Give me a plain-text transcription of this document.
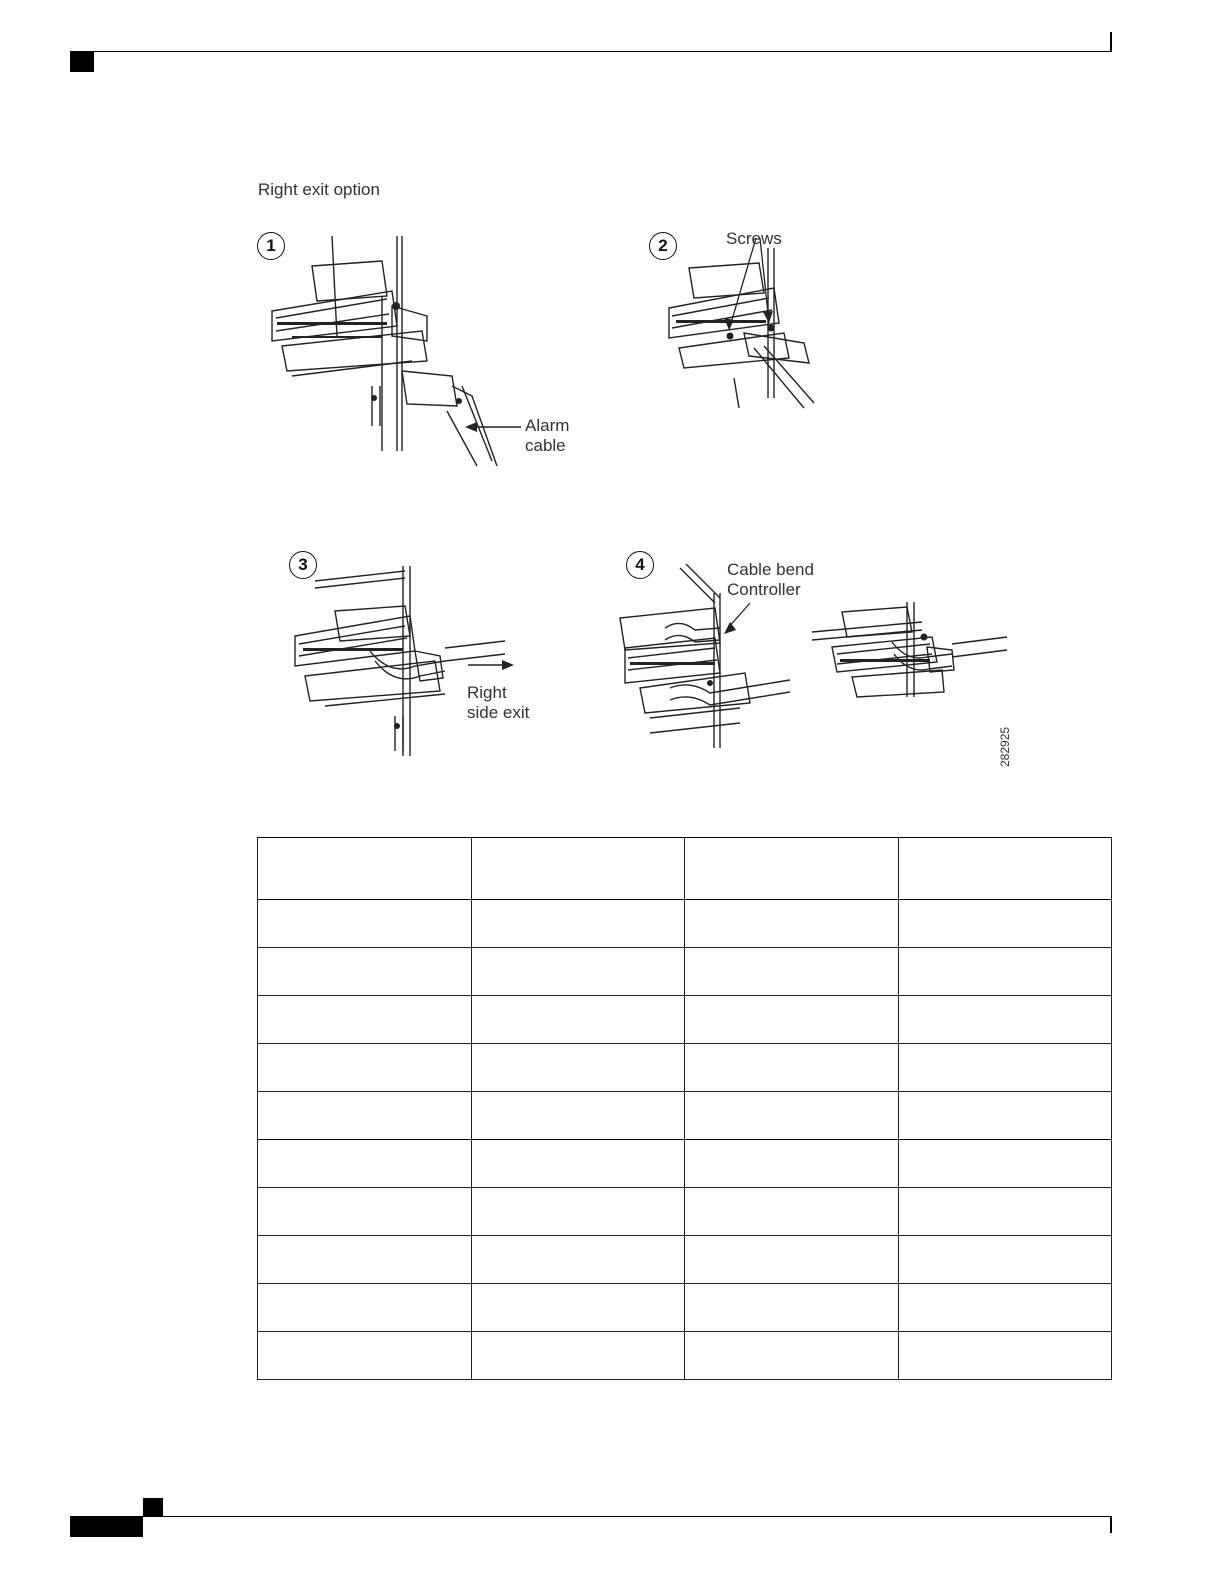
Right exit option
1
Alarm
cable
2	Screws
3
Right
side exit
4	Cable bend
Controller
282925
